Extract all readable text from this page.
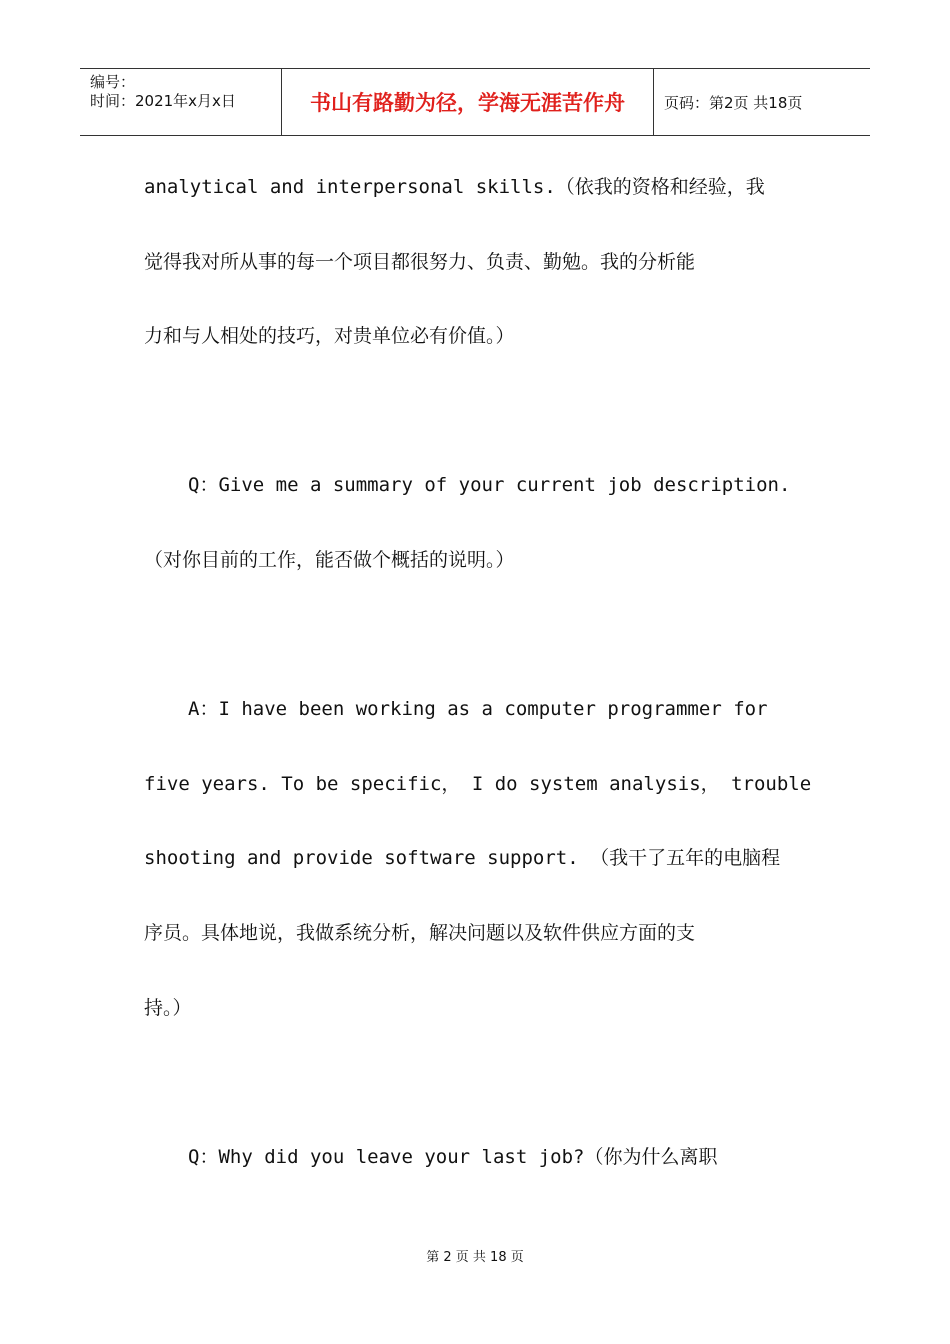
编号：
时间：2021年x月x日	书山有路勤为径，学海无涯苦作舟	页码：第2页 共18页
analytical and interpersonal skills.（依我的资格和经验，我
觉得我对所从事的每一个项目都很努力、负责、勤勉。我的分析能
力和与人相处的技巧，对贵单位必有价值。）
Q：Give me a summary of your current job description.
（对你目前的工作，能否做个概括的说明。）
A：I have been working as a computer programmer for
five years. To be specific， I do system analysis， trouble
shooting and provide software support. （我干了五年的电脑程
序员。具体地说，我做系统分析，解决问题以及软件供应方面的支
持。）
Q：Why did you leave your last job?（你为什么离职
第 2 页 共 18 页
